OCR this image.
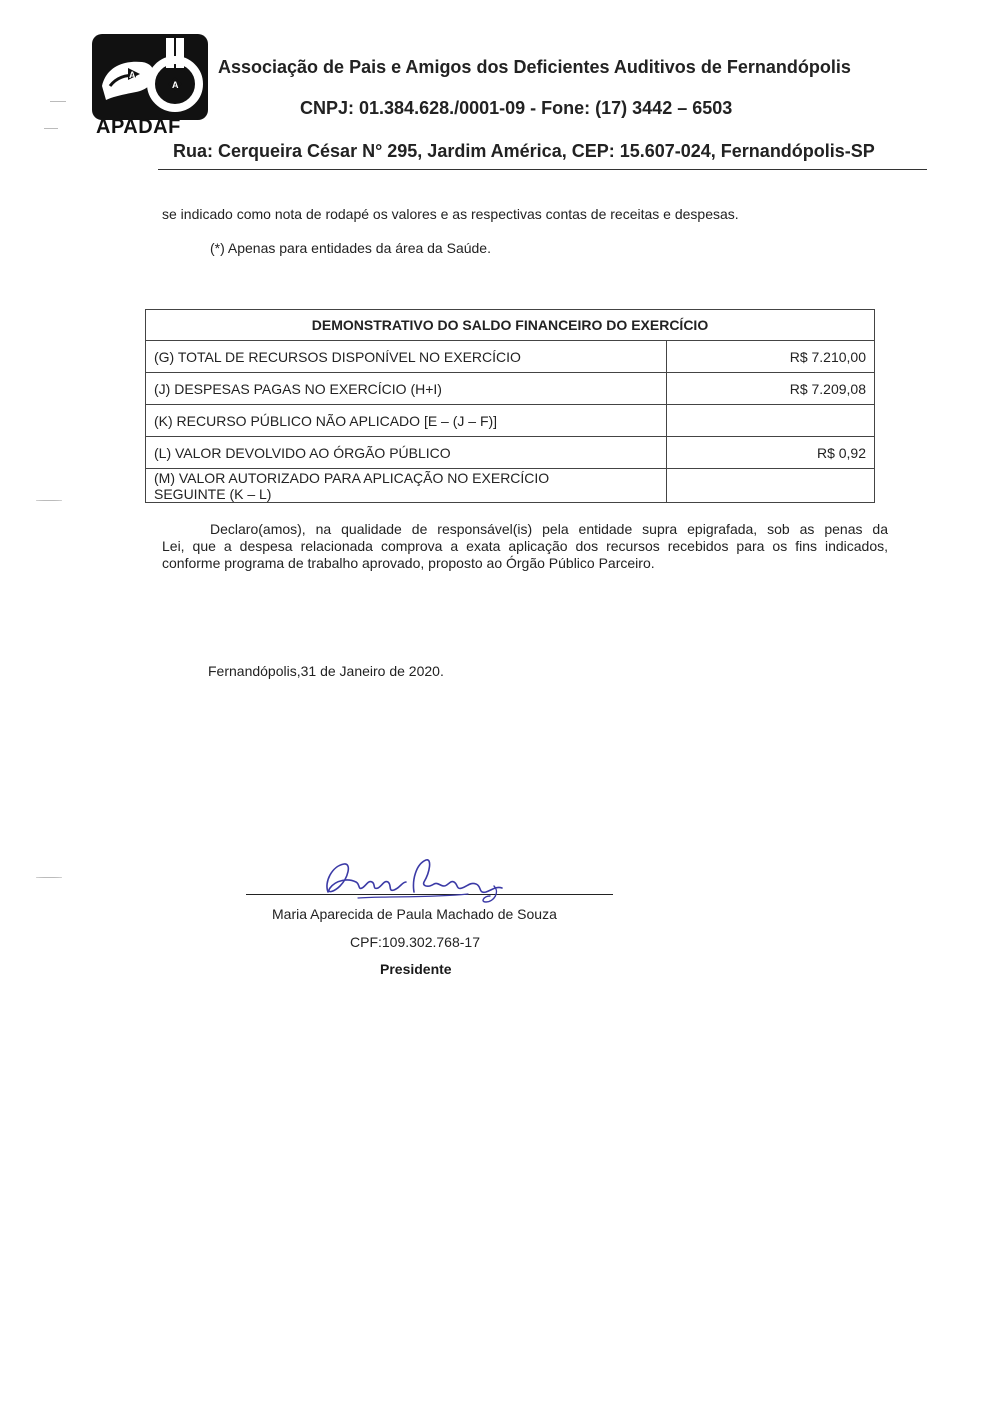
A
A
APADAF
Associação de Pais e Amigos dos Deficientes Auditivos de Fernandópolis
CNPJ: 01.384.628./0001-09 - Fone: (17) 3442 – 6503
Rua: Cerqueira César N° 295, Jardim América, CEP: 15.607-024, Fernandópolis-SP
se indicado como nota de rodapé os valores e as respectivas contas de receitas e despesas.
(*) Apenas para entidades da área da Saúde.
DEMONSTRATIVO DO SALDO FINANCEIRO DO EXERCÍCIO	
(G) TOTAL DE RECURSOS DISPONÍVEL NO EXERCÍCIO	R$ 7.210,00
(J) DESPESAS PAGAS NO EXERCÍCIO (H+I)	R$ 7.209,08
(K) RECURSO PÚBLICO NÃO APLICADO [E – (J – F)]	
(L) VALOR DEVOLVIDO AO ÓRGÃO PÚBLICO	R$ 0,92

(M) VALOR AUTORIZADO PARA APLICAÇÃO NO EXERCÍCIO
SEGUINTE (K – L)	

Declaro(amos), na qualidade de responsável(is) pela entidade supra epigrafada, sob as penas da
Lei, que a despesa relacionada comprova a exata aplicação dos recursos recebidos para os fins indicados,
conforme programa de trabalho aprovado, proposto ao Órgão Público Parceiro.
Fernandópolis,31 de Janeiro de 2020.
Maria Aparecida de Paula Machado de Souza
CPF:109.302.768-17
Presidente
